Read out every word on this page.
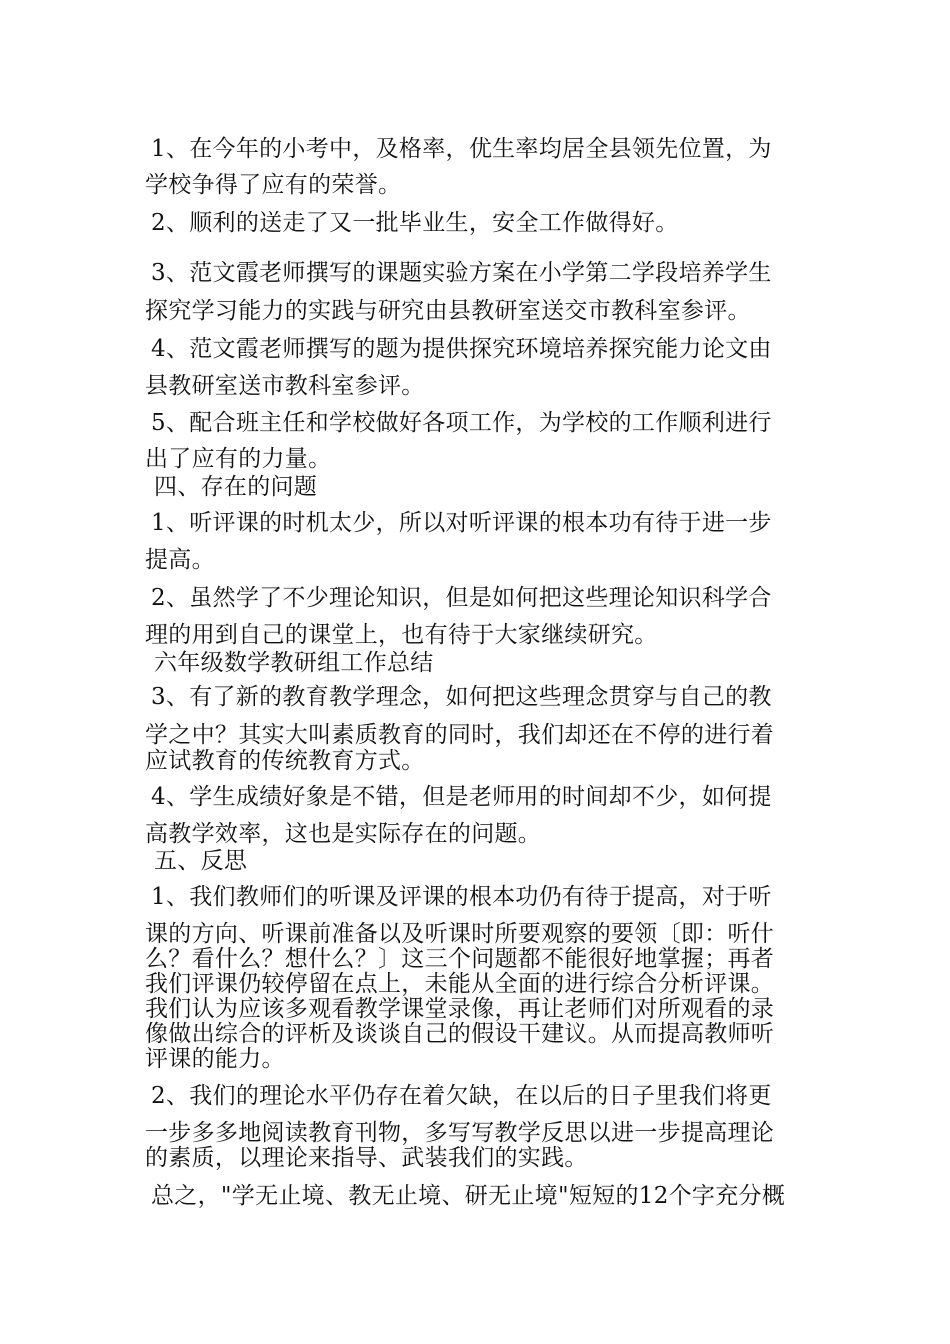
1、在今年的小考中，及格率，优生率均居全县领先位置，为
学校争得了应有的荣誉。
2、顺利的送走了又一批毕业生，安全工作做得好。
3、范文霞老师撰写的课题实验方案在小学第二学段培养学生
探究学习能力的实践与研究由县教研室送交市教科室参评。
4、范文霞老师撰写的题为提供探究环境培养探究能力论文由
县教研室送市教科室参评。
5、配合班主任和学校做好各项工作，为学校的工作顺利进行
出了应有的力量。
四、存在的问题
1、听评课的时机太少，所以对听评课的根本功有待于进一步
提高。
2、虽然学了不少理论知识，但是如何把这些理论知识科学合
理的用到自己的课堂上，也有待于大家继续研究。
六年级数学教研组工作总结
3、有了新的教育教学理念，如何把这些理念贯穿与自己的教
学之中？其实大叫素质教育的同时，我们却还在不停的进行着
应试教育的传统教育方式。
4、学生成绩好象是不错，但是老师用的时间却不少，如何提
高教学效率，这也是实际存在的问题。
五、反思
1、我们教师们的听课及评课的根本功仍有待于提高，对于听
课的方向、听课前准备以及听课时所要观察的要领〔即：听什
么？看什么？想什么？〕这三个问题都不能很好地掌握；再者
我们评课仍较停留在点上，未能从全面的进行综合分析评课。
我们认为应该多观看教学课堂录像，再让老师们对所观看的录
像做出综合的评析及谈谈自己的假设干建议。从而提高教师听
评课的能力。
2、我们的理论水平仍存在着欠缺，在以后的日子里我们将更
一步多多地阅读教育刊物，多写写教学反思以进一步提高理论
的素质，以理论来指导、武装我们的实践。
总之，"学无止境、教无止境、研无止境"短短的12个字充分概
